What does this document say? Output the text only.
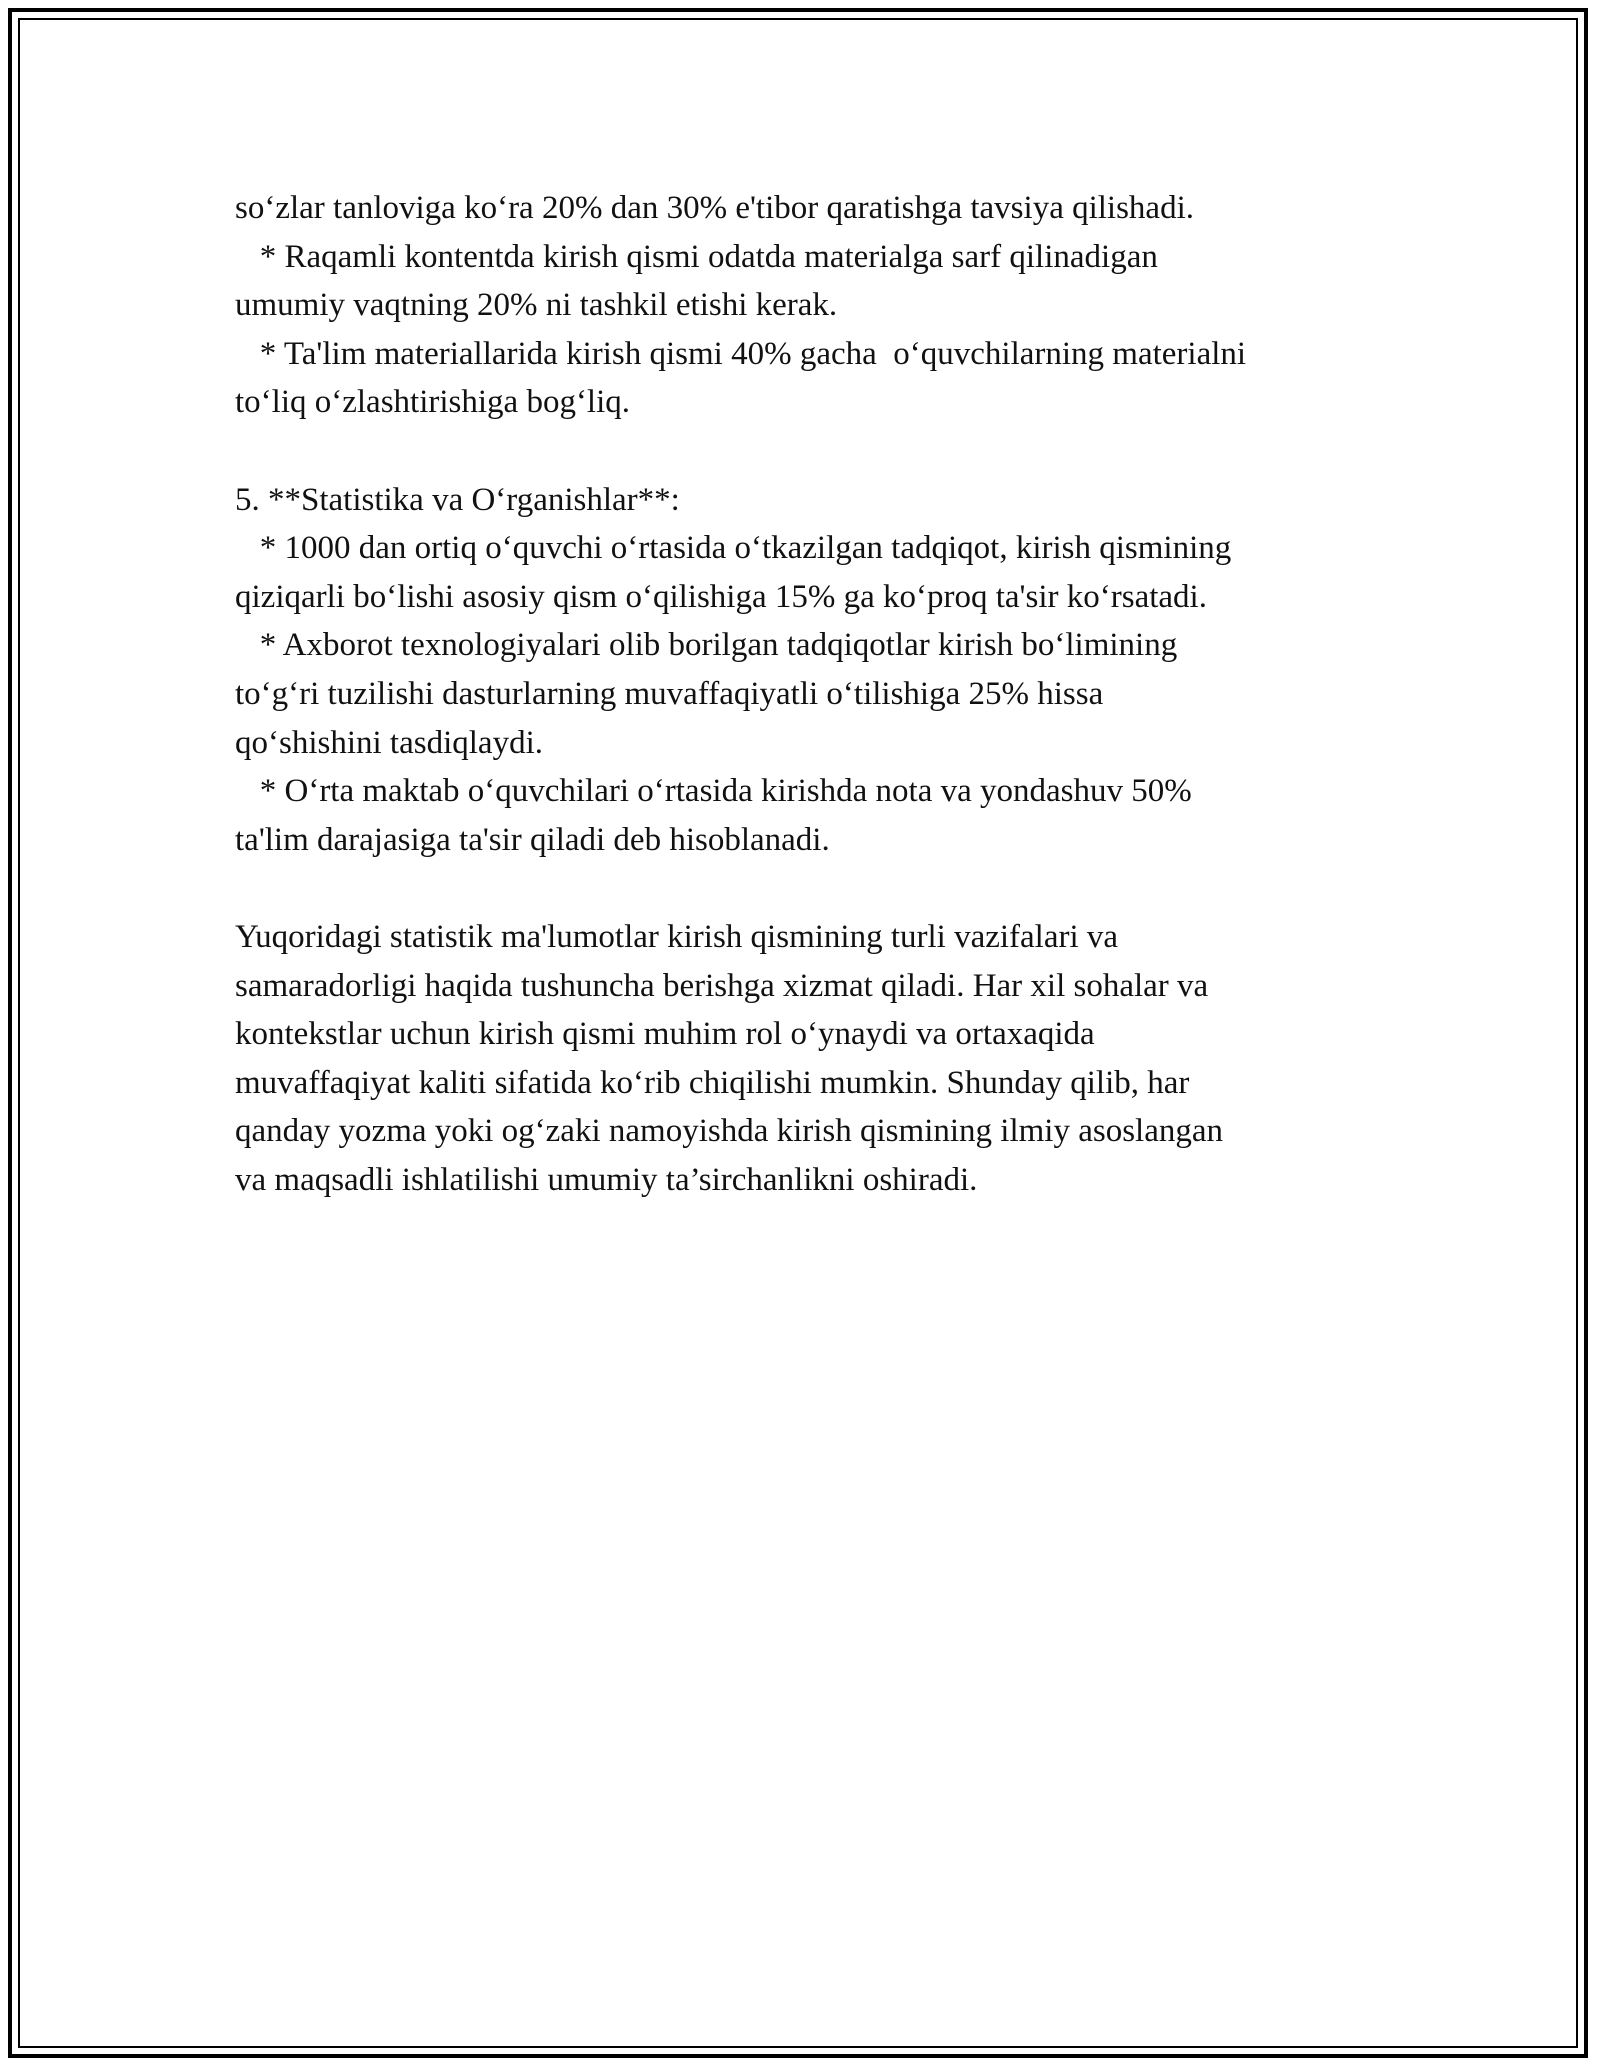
so‘zlar tanloviga ko‘ra 20% dan 30% e'tibor qaratishga tavsiya qilishadi.
* Raqamli kontentda kirish qismi odatda materialga sarf qilinadigan
umumiy vaqtning 20% ni tashkil etishi kerak.
* Ta'lim materiallarida kirish qismi 40% gacha  o‘quvchilarning materialni
to‘liq o‘zlashtirishiga bog‘liq.
5. **Statistika va O‘rganishlar**:
* 1000 dan ortiq o‘quvchi o‘rtasida o‘tkazilgan tadqiqot, kirish qismining
qiziqarli bo‘lishi asosiy qism o‘qilishiga 15% ga ko‘proq ta'sir ko‘rsatadi.
* Axborot texnologiyalari olib borilgan tadqiqotlar kirish bo‘limining
to‘g‘ri tuzilishi dasturlarning muvaffaqiyatli o‘tilishiga 25% hissa
qo‘shishini tasdiqlaydi.
* O‘rta maktab o‘quvchilari o‘rtasida kirishda nota va yondashuv 50%
ta'lim darajasiga ta'sir qiladi deb hisoblanadi.
Yuqoridagi statistik ma'lumotlar kirish qismining turli vazifalari va
samaradorligi haqida tushuncha berishga xizmat qiladi. Har xil sohalar va
kontekstlar uchun kirish qismi muhim rol o‘ynaydi va ortaxaqida
muvaffaqiyat kaliti sifatida ko‘rib chiqilishi mumkin. Shunday qilib, har
qanday yozma yoki og‘zaki namoyishda kirish qismining ilmiy asoslangan
va maqsadli ishlatilishi umumiy ta’sirchanlikni oshiradi.
